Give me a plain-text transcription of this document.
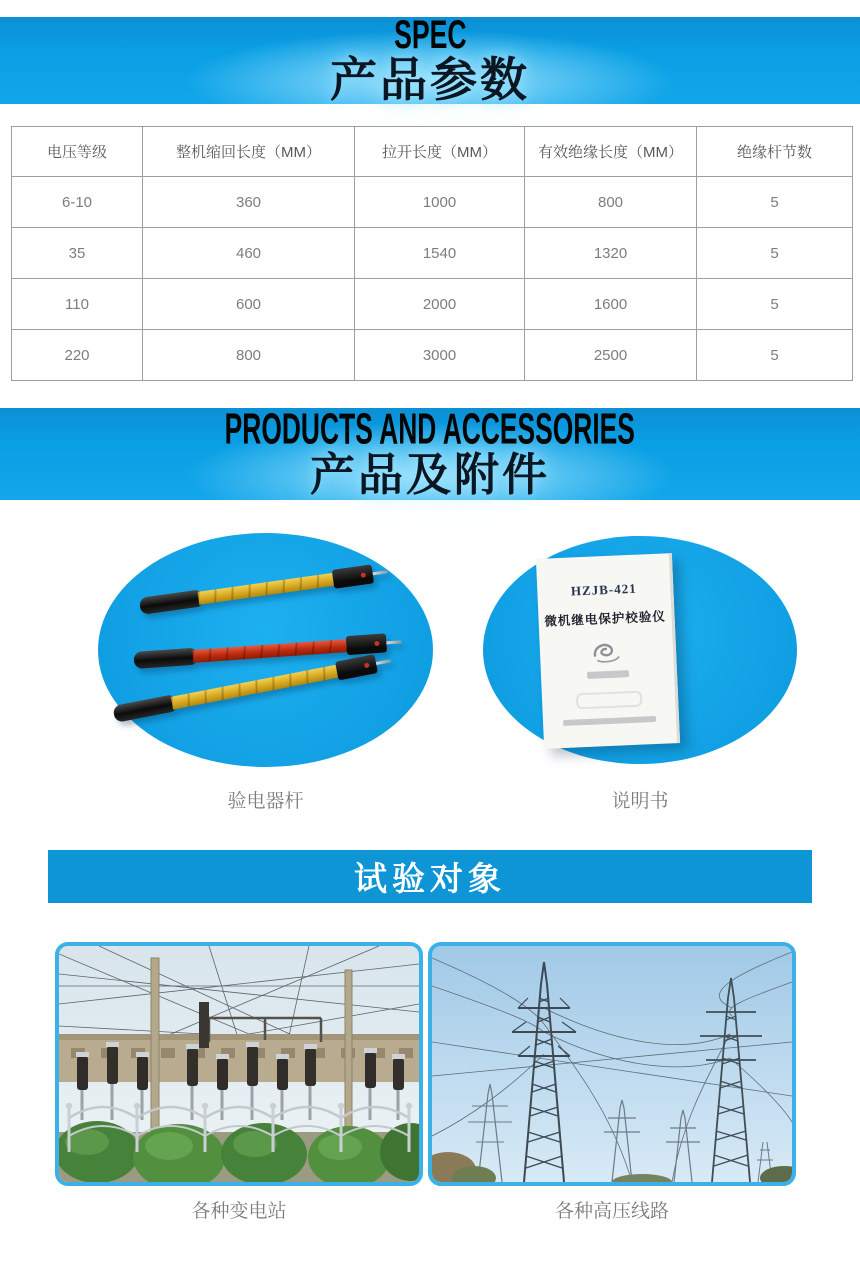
SPEC
产品参数
电压等级	整机缩回长度（MM）	拉开长度（MM）	有效绝缘长度（MM）	绝缘杆节数
6-10	360	1000	800	5
35	460	1540	1320	5
110	600	2000	1600	5
220	800	3000	2500	5
PRODUCTS AND ACCESSORIES
产品及附件
HZJB-421
微机继电保护校验仪
验电器杆	说明书
试验对象
各种变电站	各种高压线路
